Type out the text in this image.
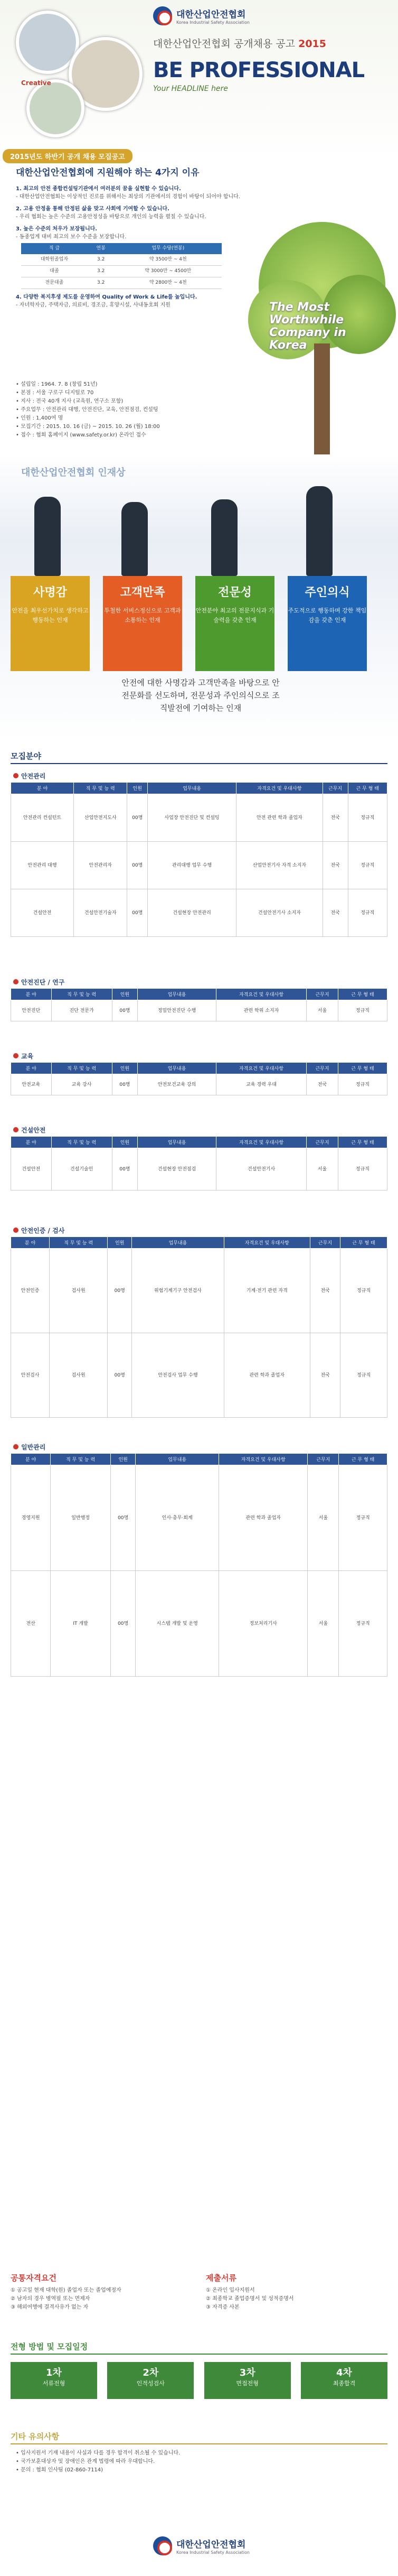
Creative
대한산업안전협회
Korea Industrial Safety Association
대한산업안전협회 공개채용 공고 2015
BE PROFESSIONAL
Your HEADLINE here
2015년도 하반기 공개 채용 모집공고
대한산업안전협회에 지원해야 하는 4가지 이유
1. 최고의 안전 종합컨설팅기관에서 여러분의 꿈을 실현할 수 있습니다.
- 대한산업안전협회는 이상적인 진로를 위해서는 최상의 기관에서의 경험이 바탕이 되어야 합니다.
2. 고용 안정을 통해 안정된 삶을 맞고 사회에 기여할 수 있습니다.
- 우리 협회는 높은 수준의 고용안정성을 바탕으로 개인의 능력을 펼칠 수 있습니다.
3. 높은 수준의 처우가 보장됩니다.
- 동종업계 대비 최고의 보수 수준을 보장합니다.
직 급	연봉	업무 수당(연봉)
대학원졸업자	3.2	약 3500만 ~ 4천
대졸	3.2	약 3000만 ~ 4500만
전문대졸	3.2	약 2800만 ~ 4천
4. 다양한 복지후생 제도를 운영하여 Quality of Work & Life를 높입니다.
- 자녀학자금, 주택자금, 의료비, 경조금, 휴양시설, 사내동호회 지원	The Most Worthwhile Company in Korea
• 설립일 : 1964. 7. 8 (창립 51년)
• 본점 : 서울 구로구 디지털로 70
• 지사 : 전국 40개 지사 (교육원, 연구소 포함)
• 주요업무 : 안전관리 대행, 안전진단, 교육, 안전점검, 컨설팅
• 인원 : 1,400여 명
• 모집기간 : 2015. 10. 16 (금) ~ 2015. 10. 26 (월) 18:00
• 접수 : 협회 홈페이지 (www.safety.or.kr) 온라인 접수
대한산업안전협회 인재상
사명감
안전을 최우선가치로 생각하고 행동하는 인재
고객만족
투철한 서비스정신으로 고객과 소통하는 인재
전문성
안전분야 최고의 전문지식과 기술력을 갖춘 인재
주인의식
주도적으로 행동하며 강한 책임감을 갖춘 인재
안전에 대한 사명감과 고객만족을 바탕으로 안전문화를 선도하며, 전문성과 주인의식으로 조직발전에 기여하는 인재
모집분야
안전관리
분 야	직 무 및 능 력	인원	업무내용	자격요건 및 우대사항	근무지	근 무 형 태
안전관리 컨설턴트	산업안전지도사	00명	사업장 안전진단 및 컨설팅	안전 관련 학과 졸업자	전국	정규직
안전관리 대행	안전관리자	00명	관리대행 업무 수행	산업안전기사 자격 소지자	전국	정규직
건설안전	건설안전기술자	00명	건설현장 안전관리	건설안전기사 소지자	전국	정규직
안전진단 / 연구
분 야	직 무 및 능 력	인원	업무내용	자격요건 및 우대사항	근무지	근 무 형 태
안전진단	진단 전문가	00명	정밀안전진단 수행	관련 학위 소지자	서울	정규직
교육
분 야	직 무 및 능 력	인원	업무내용	자격요건 및 우대사항	근무지	근 무 형 태
안전교육	교육 강사	00명	안전보건교육 강의	교육 경력 우대	전국	정규직
건설안전
분 야	직 무 및 능 력	인원	업무내용	자격요건 및 우대사항	근무지	근 무 형 태
건설안전	건설기술인	00명	건설현장 안전점검	건설안전기사	서울	정규직
안전인증 / 검사
분 야	직 무 및 능 력	인원	업무내용	자격요건 및 우대사항	근무지	근 무 형 태
안전인증	검사원	00명	위험기계기구 안전검사	기계·전기 관련 자격	전국	정규직
안전검사	검사원	00명	안전검사 업무 수행	관련 학과 졸업자	전국	정규직
일반관리
분 야	직 무 및 능 력	인원	업무내용	자격요건 및 우대사항	근무지	근 무 형 태
경영지원	일반행정	00명	인사·총무·회계	관련 학과 졸업자	서울	정규직
전산	IT 개발	00명	시스템 개발 및 운영	정보처리기사	서울	정규직
공통자격요건
① 공고일 현재 대학(원) 졸업자 또는 졸업예정자
② 남자의 경우 병역필 또는 면제자
③ 해외여행에 결격사유가 없는 자
제출서류
① 온라인 입사지원서
② 최종학교 졸업증명서 및 성적증명서
③ 자격증 사본
전형 방법 및 모집일정
1차
서류전형
2차
인적성검사
3차
면접전형
4차
최종합격
기타 유의사항
• 입사지원서 기재 내용이 사실과 다를 경우 합격이 취소될 수 있습니다.
• 국가보훈대상자 및 장애인은 관계 법령에 따라 우대합니다.
• 문의 : 협회 인사팀 (02-860-7114)
대한산업안전협회
Korea Industrial Safety Association
